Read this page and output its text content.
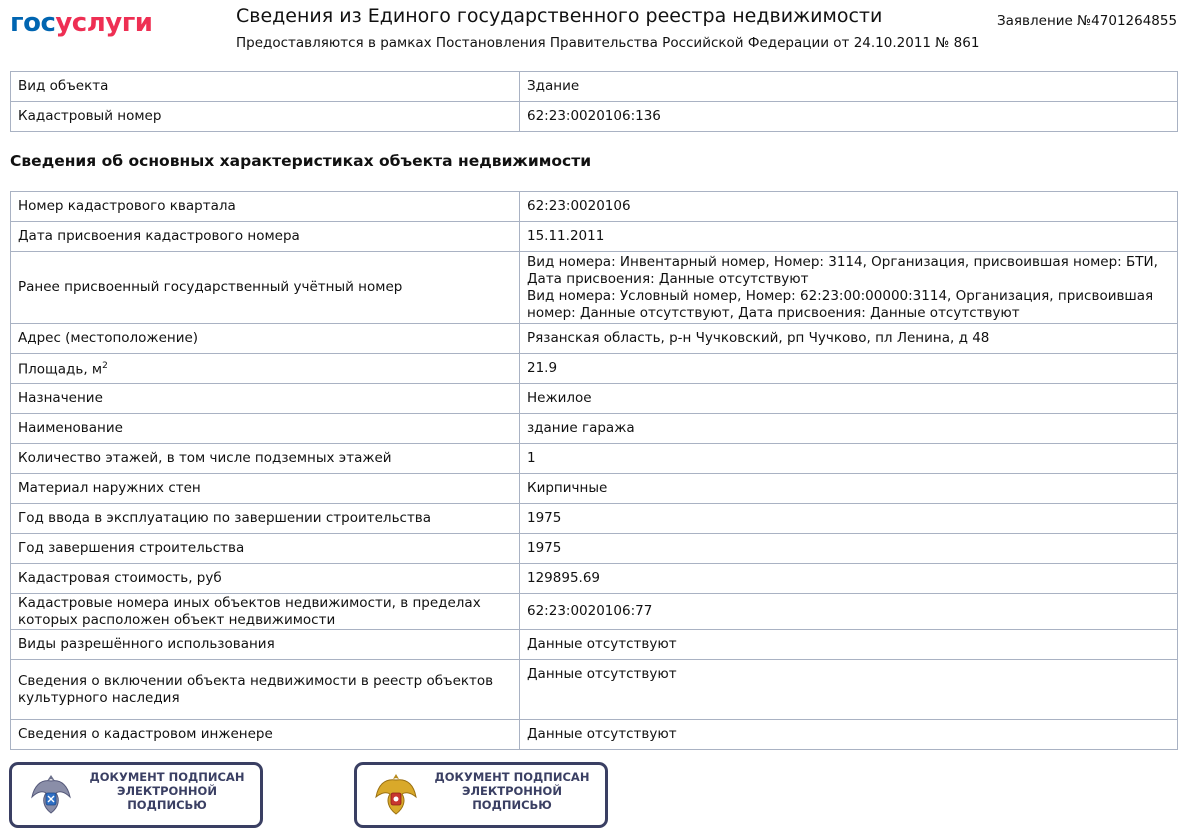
госуслуги	Сведения из Единого государственного реестра недвижимости
Предоставляются в рамках Постановления Правительства Российской Федерации от 24.10.2011 № 861
Заявление №4701264855
Вид объекта	Здание
Кадастровый номер	62:23:0020106:136
Сведения об основных характеристиках объекта недвижимости
Номер кадастрового квартала	62:23:0020106
Дата присвоения кадастрового номера	15.11.2011
Ранее присвоенный государственный учётный номер	Вид номера: Инвентарный номер, Номер: 3114, Организация, присвоившая номер: БТИ,
Дата присвоения: Данные отсутствуют
Вид номера: Условный номер, Номер: 62:23:00:00000:3114, Организация, присвоившая
номер: Данные отсутствуют, Дата присвоения: Данные отсутствуют

Адрес (местоположение)	Рязанская область, р-н Чучковский, рп Чучково, пл Ленина, д 48
Площадь, $м^2$	21.9
Назначение	Нежилое
Наименование	здание гаража
Количество этажей, в том числе подземных этажей	1
Материал наружних стен	Кирпичные
Год ввода в эксплуатацию по завершении строительства	1975
Год завершения строительства	1975
Кадастровая стоимость, руб	129895.69

Кадастровые номера иных объектов недвижимости, в пределах
которых расположен объект недвижимости	62:23:0020106:77
Виды разрешённого использования	Данные отсутствуют

Сведения о включении объекта недвижимости в реестр объектов
культурного наследия	Данные отсутствуют
Сведения о кадастровом инженере	Данные отсутствуют
ДОКУМЕНТ ПОДПИСАН
ЭЛЕКТРОННОЙ
ПОДПИСЬЮ
ДОКУМЕНТ ПОДПИСАН
ЭЛЕКТРОННОЙ
ПОДПИСЬЮ
